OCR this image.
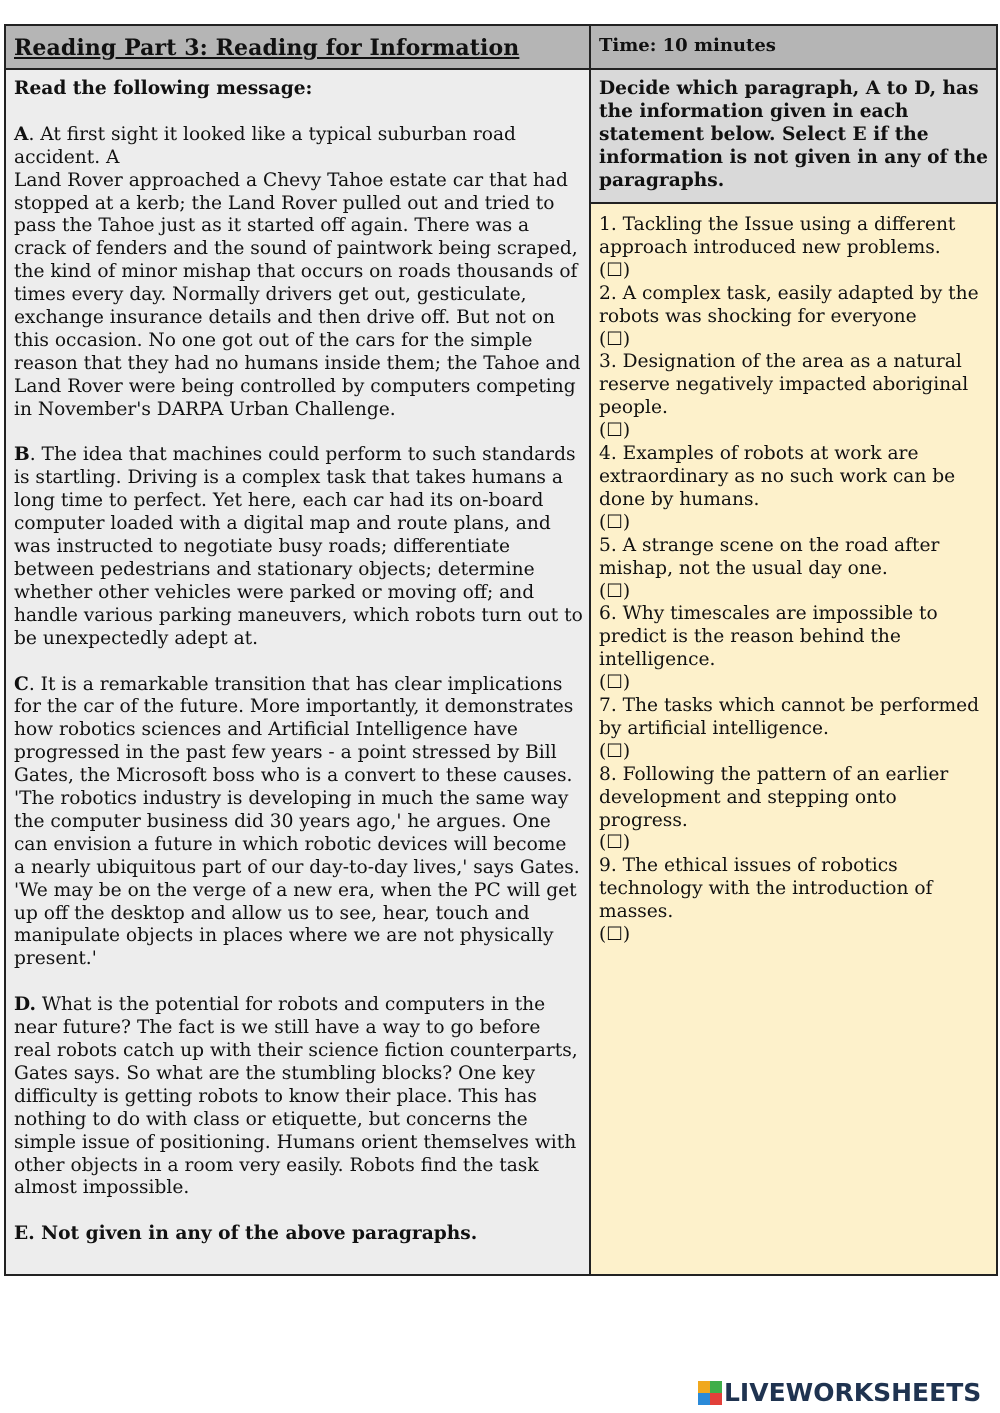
Reading Part 3: Reading for Information	Time: 10 minutes

Read the following message:

A. At first sight it looked like a typical suburban road accident. A
Land Rover approached a Chevy Tahoe estate car that had stopped at a kerb; the Land Rover pulled out and tried to pass the Tahoe just as it started off again. There was a crack of fenders and the sound of paintwork being scraped, the kind of minor mishap that occurs on roads thousands of times every day. Normally drivers get out, gesticulate, exchange insurance details and then drive off. But not on this occasion. No one got out of the cars for the simple reason that they had no humans inside them; the Tahoe and Land Rover were being controlled by computers competing in November's DARPA Urban Challenge.

B. The idea that machines could perform to such standards is startling. Driving is a complex task that takes humans a long time to perfect. Yet here, each car had its on-board computer loaded with a digital map and route plans, and was instructed to negotiate busy roads; differentiate between pedestrians and stationary objects; determine whether other vehicles were parked or moving off; and handle various parking maneuvers, which robots turn out to be unexpectedly adept at.

C. It is a remarkable transition that has clear implications for the car of the future. More importantly, it demonstrates how robotics sciences and Artificial Intelligence have progressed in the past few years - a point stressed by Bill Gates, the Microsoft boss who is a convert to these causes. 'The robotics industry is developing in much the same way the computer business did 30 years ago,' he argues. One can envision a future in which robotic devices will become a nearly ubiquitous part of our day-to-day lives,' says Gates. 'We may be on the verge of a new era, when the PC will get up off the desktop and allow us to see, hear, touch and manipulate objects in places where we are not physically present.'

D. What is the potential for robots and computers in the near future? The fact is we still have a way to go before real robots catch up with their science fiction counterparts, Gates says. So what are the stumbling blocks? One key difficulty is getting robots to know their place. This has nothing to do with class or etiquette, but concerns the simple issue of positioning. Humans orient themselves with other objects in a room very easily. Robots find the task almost impossible.

E. Not given in any of the above paragraphs.

Decide which paragraph, A to D, has the information given in each statement below. Select E if the information is not given in any of the paragraphs.

1. Tackling the Issue using a different approach introduced new problems.
(☐)
2. A complex task, easily adapted by the robots was shocking for everyone
(☐)
3. Designation of the area as a natural reserve negatively impacted aboriginal people.
(☐)
4. Examples of robots at work are extraordinary as no such work can be done by humans.
(☐)
5. A strange scene on the road after mishap, not the usual day one.
(☐)
6. Why timescales are impossible to predict is the reason behind the intelligence.
(☐)
7. The tasks which cannot be performed by artificial intelligence.
(☐)
8. Following the pattern of an earlier development and stepping onto progress.
(☐)
9. The ethical issues of robotics technology with the introduction of masses.
(☐)
LIVEWORKSHEETS
